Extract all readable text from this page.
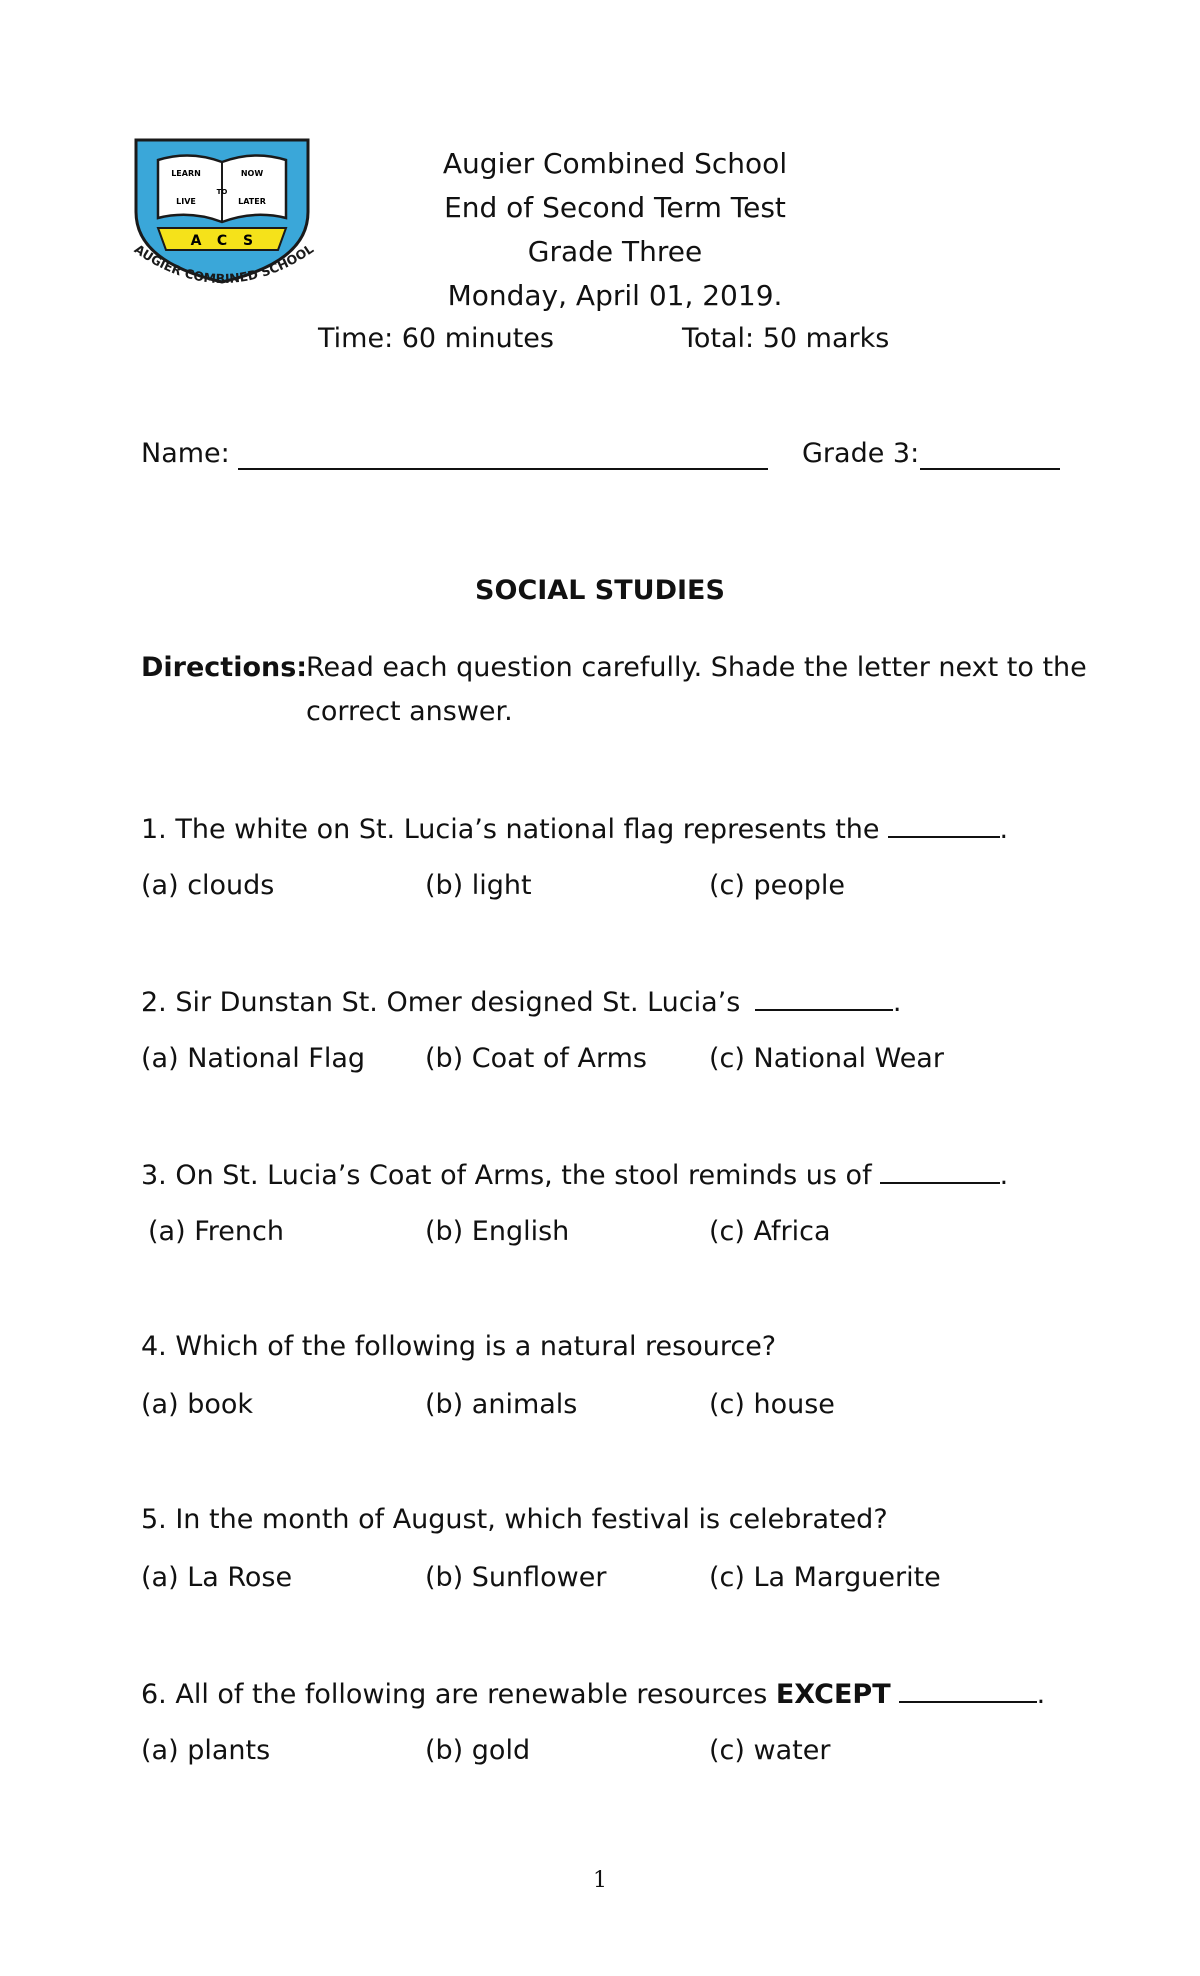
LEARN	NOW
TO
LIVE	LATER
A C S
AUGIER COMBINED SCHOOL
Augier Combined School
End of Second Term Test
Grade Three
Monday, April 01, 2019.
Time: 60 minutes	Total: 50 marks
Name:	Grade 3:
SOCIAL STUDIES
Directions:
Read each question carefully. Shade the letter next to the
correct answer.
1. The white on St. Lucia’s national flag represents the	.
(a) clouds	(b) light	(c) people
2. Sir Dunstan St. Omer designed St. Lucia’s	.
(a) National Flag (b) Coat of Arms (c) National Wear
3. On St. Lucia’s Coat of Arms, the stool reminds us of	.
(a) French	(b) English	(c) Africa
4. Which of the following is a natural resource?
(a) book	(b) animals	(c) house
5. In the month of August, which festival is celebrated?
(a) La Rose	(b) Sunflower	(c) La Marguerite
6. All of the following are renewable resources EXCEPT	.
(a) plants	(b) gold	(c) water
1
